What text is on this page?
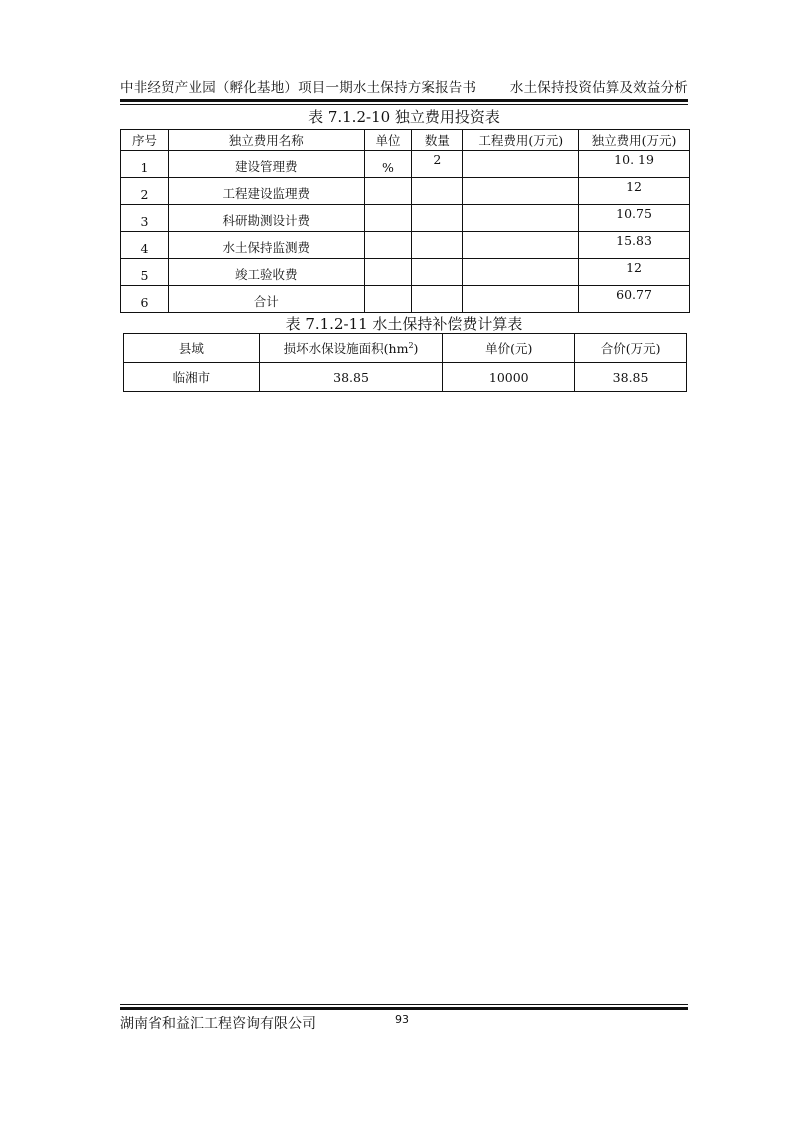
中非经贸产业园（孵化基地）项目一期水土保持方案报告书 水土保持投资估算及效益分析
表 7.1.2-10 独立费用投资表
序号	独立费用名称	单位	数量	工程费用(万元)	独立费用(万元)
1	建设管理费	%	2		10. 19
2	工程建设监理费				12
3	科研勘测设计费				10.75
4	水土保持监测费				15.83
5	竣工验收费				12
6	合计				60.77
表 7.1.2-11 水土保持补偿费计算表
县域	损坏水保设施面积$(hm^2)$	单价(元)	合价(万元)
临湘市	38.85	10000	38.85
湖南省和益汇工程咨询有限公司	93
